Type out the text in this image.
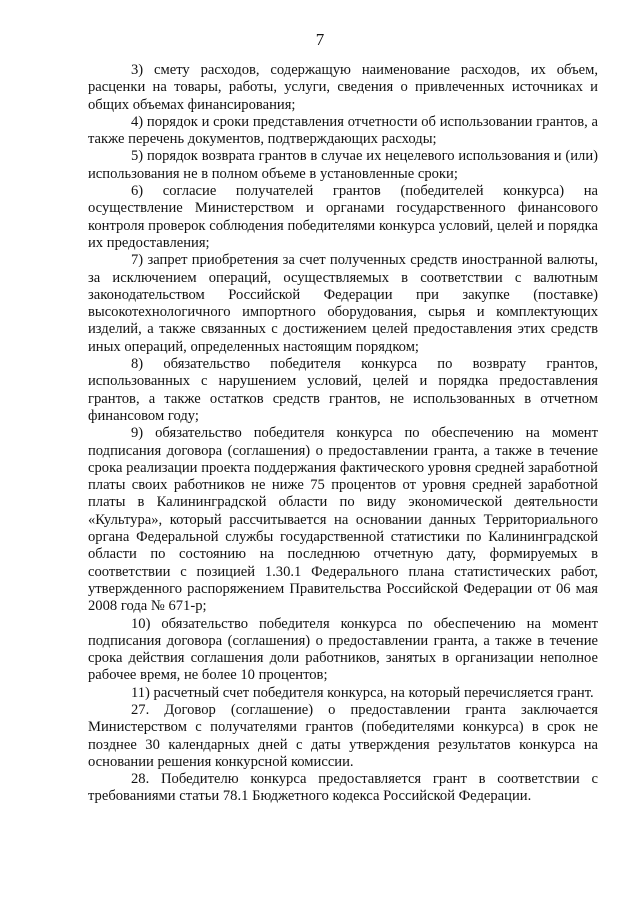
7

3) смету расходов, содержащую наименование расходов, их объем, расценки на товары, работы, услуги, сведения о привлеченных источниках и общих объемах финансирования;

4) порядок и сроки представления отчетности об использовании грантов, а также перечень документов, подтверждающих расходы;

5) порядок возврата грантов в случае их нецелевого использования и (или) использования не в полном объеме в установленные сроки;

6) согласие получателей грантов (победителей конкурса) на осуществление Министерством и органами государственного финансового контроля проверок соблюдения победителями конкурса условий, целей и порядка их предоставления;

7) запрет приобретения за счет полученных средств иностранной валюты, за исключением операций, осуществляемых в соответствии с валютным законодательством Российской Федерации при закупке (поставке) высокотехнологичного импортного оборудования, сырья и комплектующих изделий, а также связанных с достижением целей предоставления этих средств иных операций, определенных настоящим порядком;

8) обязательство победителя конкурса по возврату грантов, использованных с нарушением условий, целей и порядка предоставления грантов, а также остатков средств грантов, не использованных в отчетном финансовом году;

9) обязательство победителя конкурса по обеспечению на момент подписания договора (соглашения) о предоставлении гранта, а также в течение срока реализации проекта поддержания фактического уровня средней заработной платы своих работников не ниже 75 процентов от уровня средней заработной платы в Калининградской области по виду экономической деятельности «Культура», который рассчитывается на основании данных Территориального органа Федеральной службы государственной статистики по Калининградской области по состоянию на последнюю отчетную дату, формируемых в соответствии с позицией 1.30.1 Федерального плана статистических работ, утвержденного распоряжением Правительства Российской Федерации от 06 мая 2008 года № 671-р;

10) обязательство победителя конкурса по обеспечению на момент подписания договора (соглашения) о предоставлении гранта, а также в течение срока действия соглашения доли работников, занятых в организации неполное рабочее время, не более 10 процентов;

11) расчетный счет победителя конкурса, на который перечисляется грант.

27. Договор (соглашение) о предоставлении гранта заключается Министерством с получателями грантов (победителями конкурса) в срок не позднее 30 календарных дней с даты утверждения результатов конкурса на основании решения конкурсной комиссии.

28. Победителю конкурса предоставляется грант в соответствии с требованиями статьи 78.1 Бюджетного кодекса Российской Федерации.
